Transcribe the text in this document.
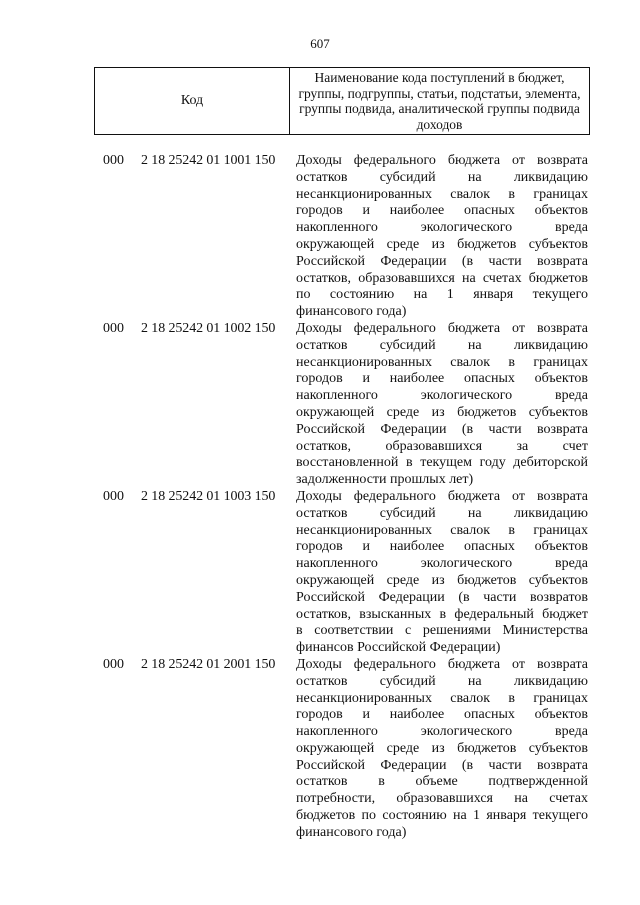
607
Код
Наименование кода поступлений в бюджет, группы, подгруппы, статьи, подстатьи, элемента, группы подвида, аналитической группы подвида доходов
000 2 18 25242 01 1001 150 Доходы федерального бюджета от возврата
остатков субсидий на ликвидацию
несанкционированных свалок в границах
городов и наиболее опасных объектов
накопленного экологического вреда
окружающей среде из бюджетов субъектов
Российской Федерации (в части возврата
остатков, образовавшихся на счетах бюджетов
по состоянию на 1 января текущего
финансового года)
000 2 18 25242 01 1002 150 Доходы федерального бюджета от возврата
остатков субсидий на ликвидацию
несанкционированных свалок в границах
городов и наиболее опасных объектов
накопленного экологического вреда
окружающей среде из бюджетов субъектов
Российской Федерации (в части возврата
остатков, образовавшихся за счет
восстановленной в текущем году дебиторской
задолженности прошлых лет)
000 2 18 25242 01 1003 150 Доходы федерального бюджета от возврата
остатков субсидий на ликвидацию
несанкционированных свалок в границах
городов и наиболее опасных объектов
накопленного экологического вреда
окружающей среде из бюджетов субъектов
Российской Федерации (в части возвратов
остатков, взысканных в федеральный бюджет
в соответствии с решениями Министерства
финансов Российской Федерации)
000 2 18 25242 01 2001 150 Доходы федерального бюджета от возврата
остатков субсидий на ликвидацию
несанкционированных свалок в границах
городов и наиболее опасных объектов
накопленного экологического вреда
окружающей среде из бюджетов субъектов
Российской Федерации (в части возврата
остатков в объеме подтвержденной
потребности, образовавшихся на счетах
бюджетов по состоянию на 1 января текущего
финансового года)
